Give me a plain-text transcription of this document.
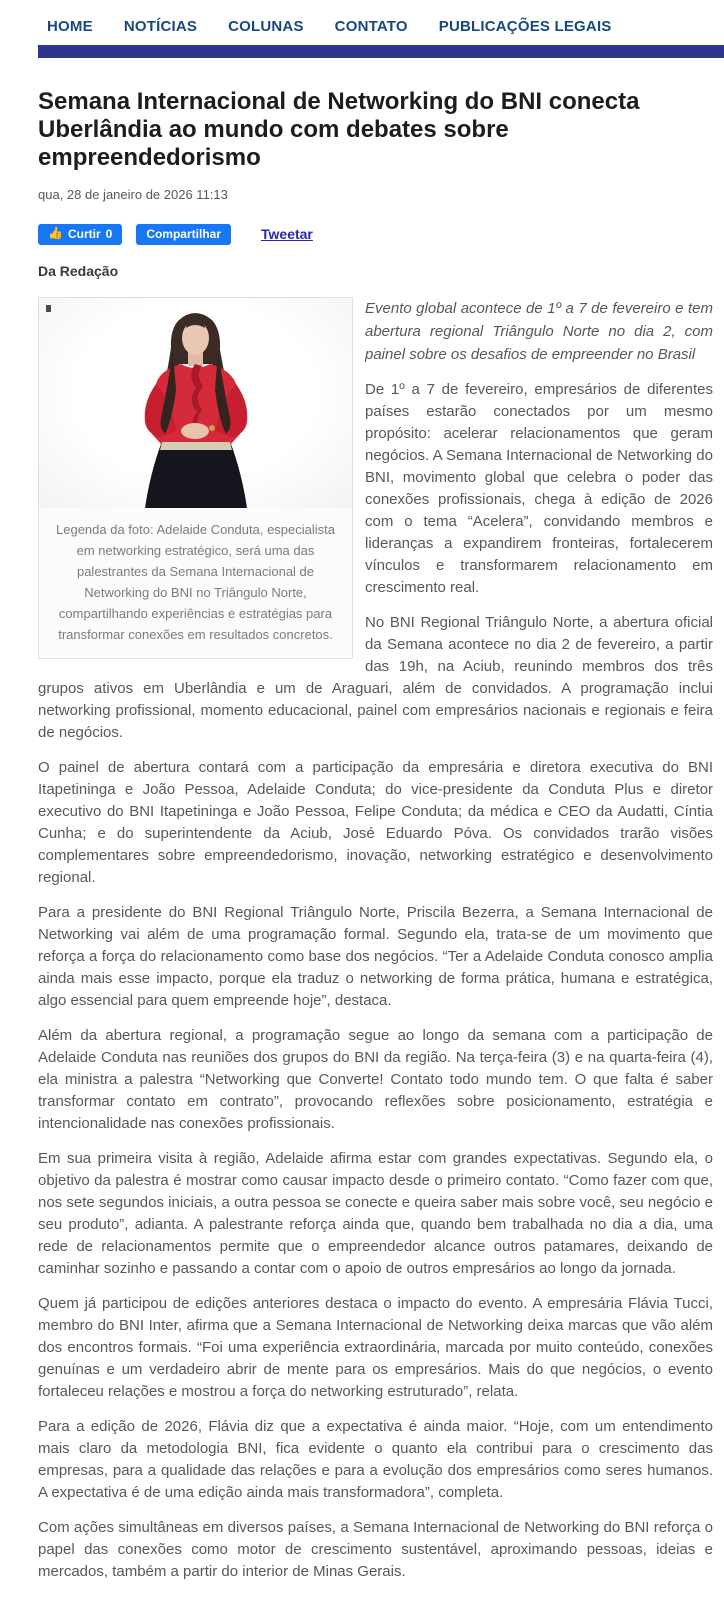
HOME NOTÍCIAS COLUNAS CONTATO PUBLICAÇÕES LEGAIS
Semana Internacional de Networking do BNI conecta Uberlândia ao mundo com debates sobre empreendedorismo
qua, 28 de janeiro de 2026 11:13
👍 Curtir 0	Compartilhar	Tweetar
Da Redação
Legenda da foto: Adelaide Conduta, especialista em networking estratégico, será uma das palestrantes da Semana Internacional de Networking do BNI no Triângulo Norte, compartilhando experiências e estratégias para transformar conexões em resultados concretos.

Evento global acontece de 1º a 7 de fevereiro e tem abertura regional Triângulo Norte no dia 2, com painel sobre os desafios de empreender no Brasil

De 1º a 7 de fevereiro, empresários de diferentes países estarão conectados por um mesmo propósito: acelerar relacionamentos que geram negócios. A Semana Internacional de Networking do BNI, movimento global que celebra o poder das conexões profissionais, chega à edição de 2026 com o tema “Acelera”, convidando membros e lideranças a expandirem fronteiras, fortalecerem vínculos e transformarem relacionamento em crescimento real.

No BNI Regional Triângulo Norte, a abertura oficial da Semana acontece no dia 2 de fevereiro, a partir das 19h, na Aciub, reunindo membros dos três grupos ativos em Uberlândia e um de Araguari, além de convidados. A programação inclui networking profissional, momento educacional, painel com empresários nacionais e regionais e feira de negócios.

O painel de abertura contará com a participação da empresária e diretora executiva do BNI Itapetininga e João Pessoa, Adelaide Conduta; do vice-presidente da Conduta Plus e diretor executivo do BNI Itapetininga e João Pessoa, Felipe Conduta; da médica e CEO da Audatti, Cíntia Cunha; e do superintendente da Aciub, José Eduardo Póva. Os convidados trarão visões complementares sobre empreendedorismo, inovação, networking estratégico e desenvolvimento regional.

Para a presidente do BNI Regional Triângulo Norte, Priscila Bezerra, a Semana Internacional de Networking vai além de uma programação formal. Segundo ela, trata-se de um movimento que reforça a força do relacionamento como base dos negócios. “Ter a Adelaide Conduta conosco amplia ainda mais esse impacto, porque ela traduz o networking de forma prática, humana e estratégica, algo essencial para quem empreende hoje”, destaca.

Além da abertura regional, a programação segue ao longo da semana com a participação de Adelaide Conduta nas reuniões dos grupos do BNI da região. Na terça-feira (3) e na quarta-feira (4), ela ministra a palestra “Networking que Converte! Contato todo mundo tem. O que falta é saber transformar contato em contrato”, provocando reflexões sobre posicionamento, estratégia e intencionalidade nas conexões profissionais.

Em sua primeira visita à região, Adelaide afirma estar com grandes expectativas. Segundo ela, o objetivo da palestra é mostrar como causar impacto desde o primeiro contato. “Como fazer com que, nos sete segundos iniciais, a outra pessoa se conecte e queira saber mais sobre você, seu negócio e seu produto”, adianta. A palestrante reforça ainda que, quando bem trabalhada no dia a dia, uma rede de relacionamentos permite que o empreendedor alcance outros patamares, deixando de caminhar sozinho e passando a contar com o apoio de outros empresários ao longo da jornada.

Quem já participou de edições anteriores destaca o impacto do evento. A empresária Flávia Tucci, membro do BNI Inter, afirma que a Semana Internacional de Networking deixa marcas que vão além dos encontros formais. “Foi uma experiência extraordinária, marcada por muito conteúdo, conexões genuínas e um verdadeiro abrir de mente para os empresários. Mais do que negócios, o evento fortaleceu relações e mostrou a força do networking estruturado”, relata.

Para a edição de 2026, Flávia diz que a expectativa é ainda maior. “Hoje, com um entendimento mais claro da metodologia BNI, fica evidente o quanto ela contribui para o crescimento das empresas, para a qualidade das relações e para a evolução dos empresários como seres humanos. A expectativa é de uma edição ainda mais transformadora”, completa.

Com ações simultâneas em diversos países, a Semana Internacional de Networking do BNI reforça o papel das conexões como motor de crescimento sustentável, aproximando pessoas, ideias e mercados, também a partir do interior de Minas Gerais.
